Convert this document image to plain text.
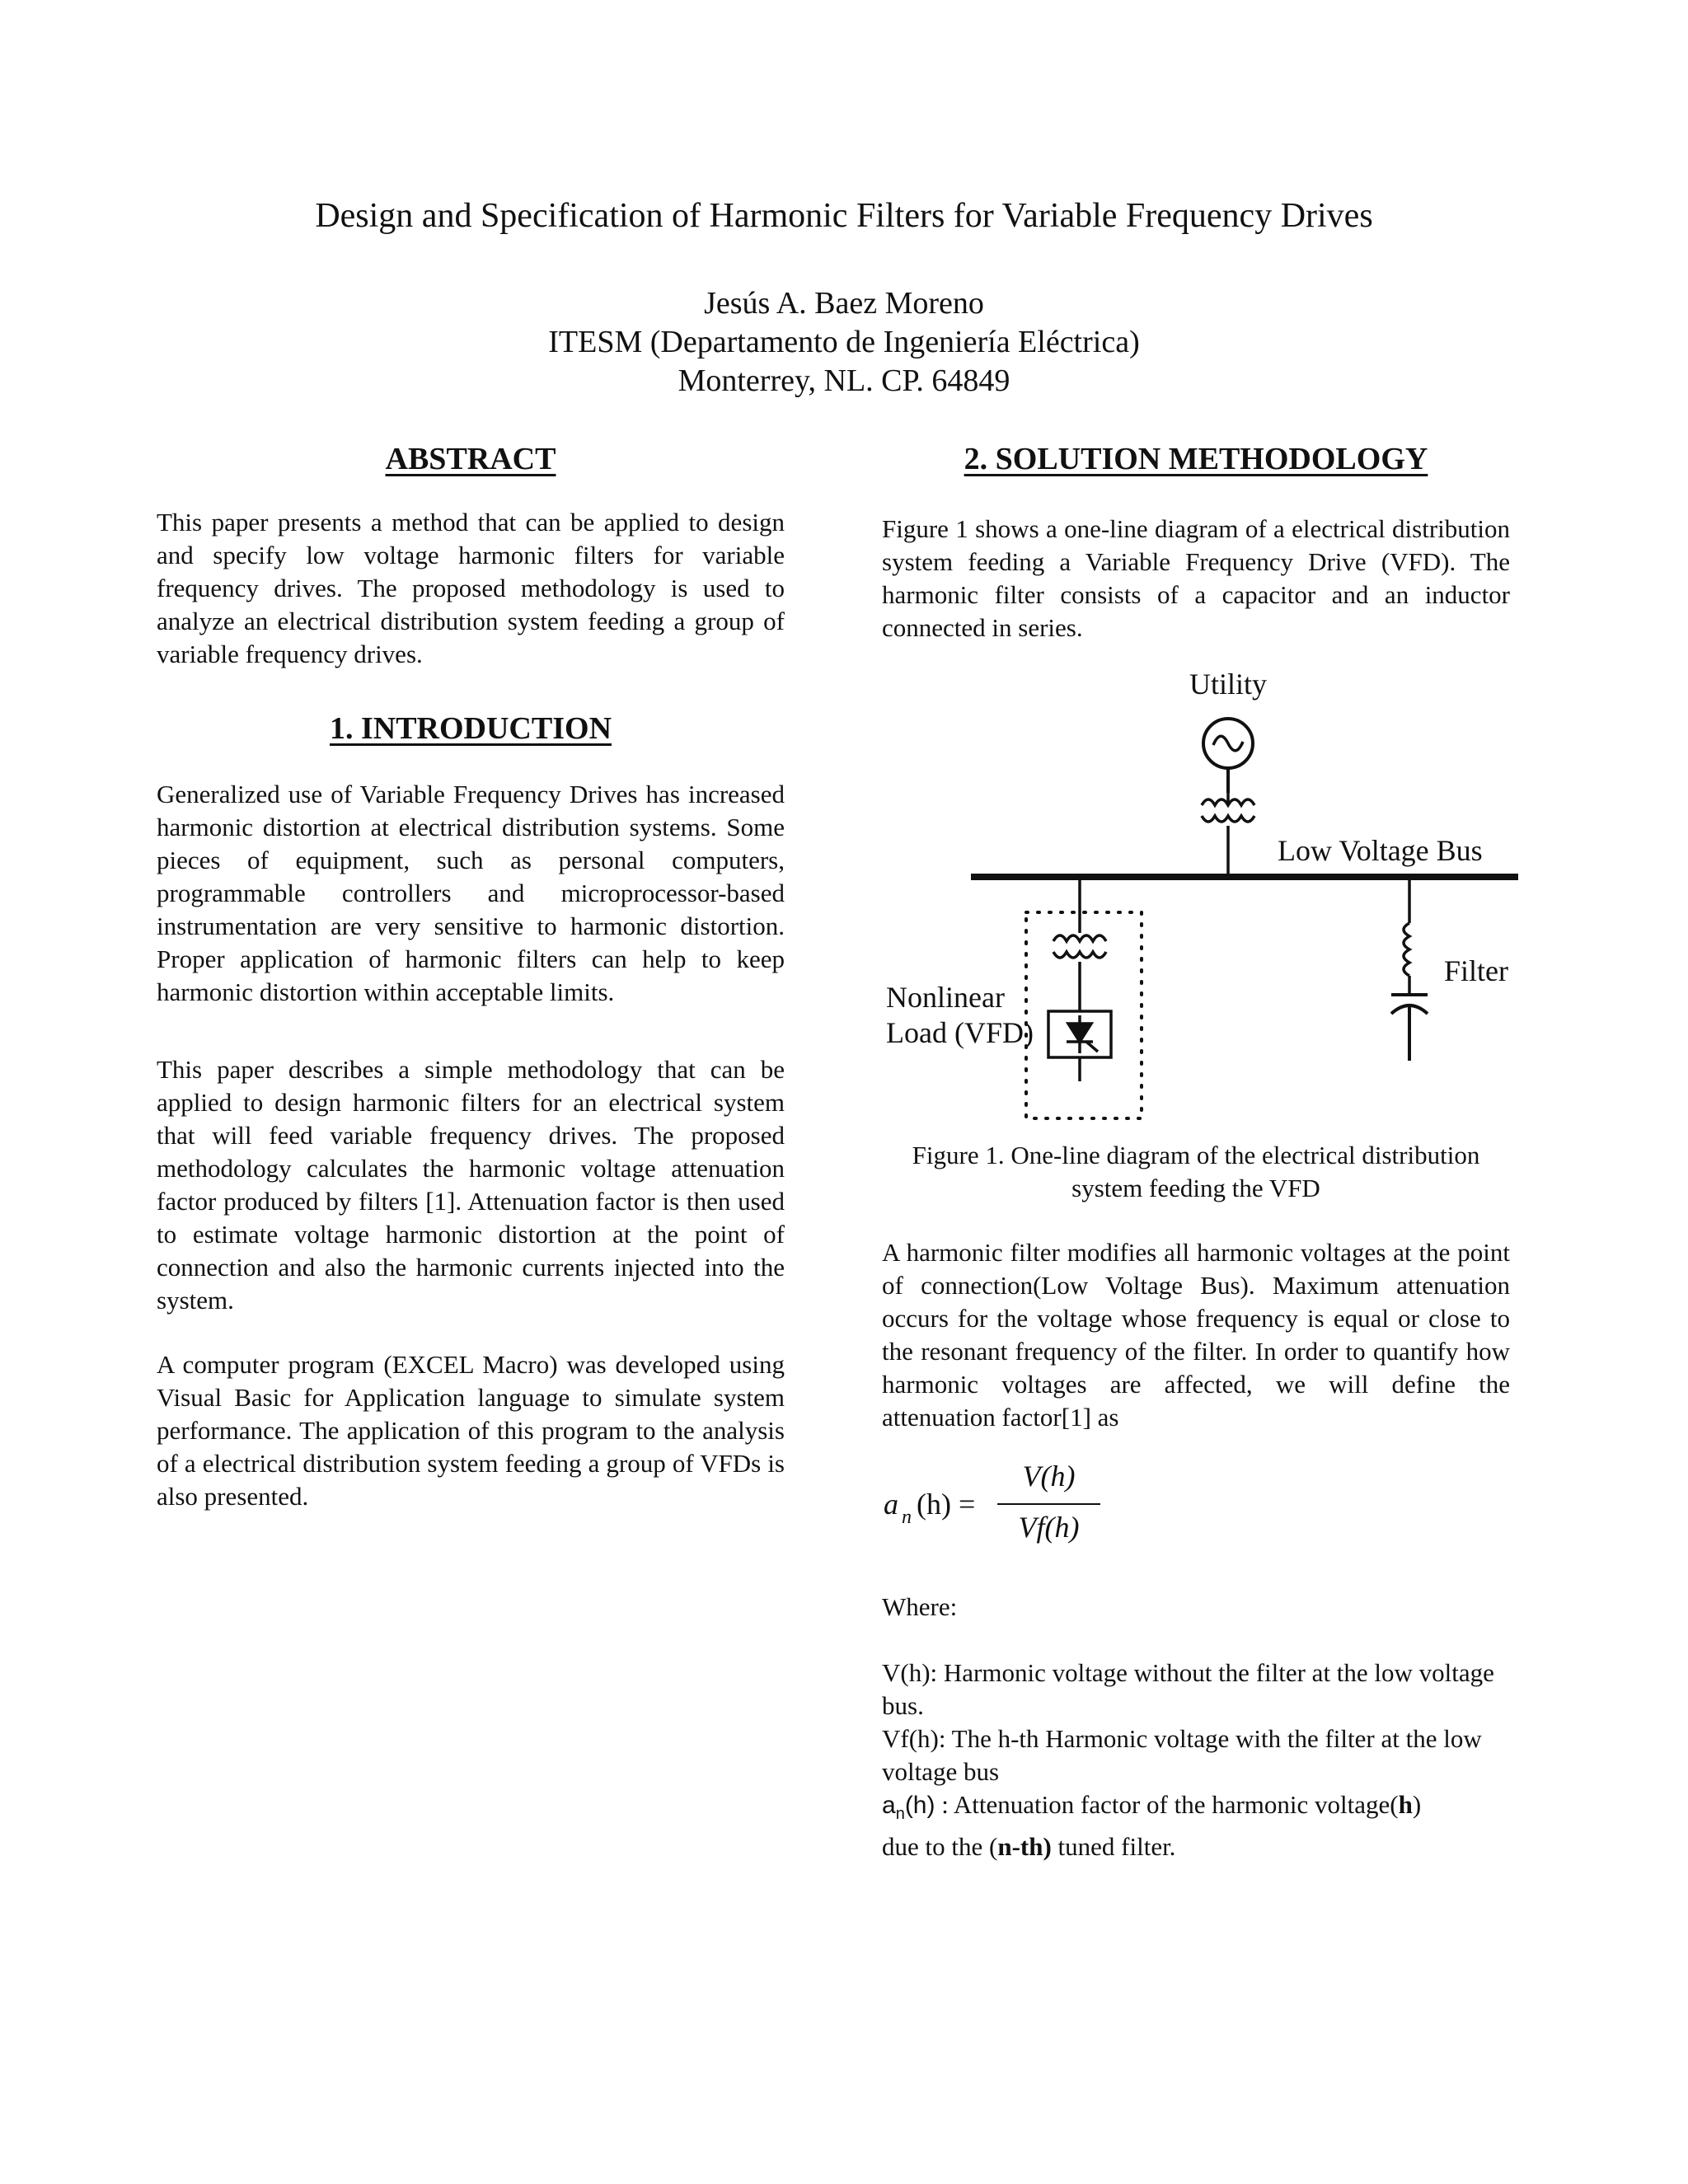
Design and Specification of Harmonic Filters for Variable Frequency Drives
Jesús A. Baez Moreno
ITESM (Departamento de Ingeniería Eléctrica)
Monterrey, NL. CP. 64849
ABSTRACT

This paper presents a method that can be applied to design and specify low voltage harmonic filters for variable frequency drives. The proposed methodology is used to analyze an electrical distribution system feeding a group of variable frequency drives.

1. INTRODUCTION

Generalized use of Variable Frequency Drives has increased harmonic distortion at electrical distribution systems. Some pieces of equipment, such as personal computers, programmable controllers and microprocessor-based instrumentation are very sensitive to harmonic distortion. Proper application of harmonic filters can help to keep harmonic distortion within acceptable limits.

This paper describes a simple methodology that can be applied to design harmonic filters for an electrical system that will feed variable frequency drives. The proposed methodology calculates the harmonic voltage attenuation factor produced by filters [1]. Attenuation factor is then used to estimate voltage harmonic distortion at the point of connection and also the harmonic currents injected into the system.

A computer program (EXCEL Macro) was developed using Visual Basic for Application language to simulate system performance. The application of this program to the analysis of a electrical distribution system feeding a group of VFDs is also presented.

2. SOLUTION METHODOLOGY

Figure 1 shows a one-line diagram of a electrical distribution system feeding a Variable Frequency Drive (VFD). The harmonic filter consists of a capacitor and an inductor connected in series.

Utility
Low Voltage Bus
Nonlinear
Load (VFD)
Filter
Figure 1. One-line diagram of the electrical distribution
system feeding the VFD

A harmonic filter modifies all harmonic voltages at the point of connection(Low Voltage Bus). Maximum attenuation occurs for the voltage whose frequency is equal or close to the resonant frequency of the filter. In order to quantify how harmonic voltages are affected, we will define the attenuation factor[1] as

a n (h) =
V(h)
Vf(h)

Where:

V(h): Harmonic voltage without the filter at the low voltage bus.

Vf(h): The h-th Harmonic voltage with the filter at the low voltage bus

$a_n(h)$ : Attenuation factor of the harmonic voltage(h)
due to the (n-th) tuned filter.
